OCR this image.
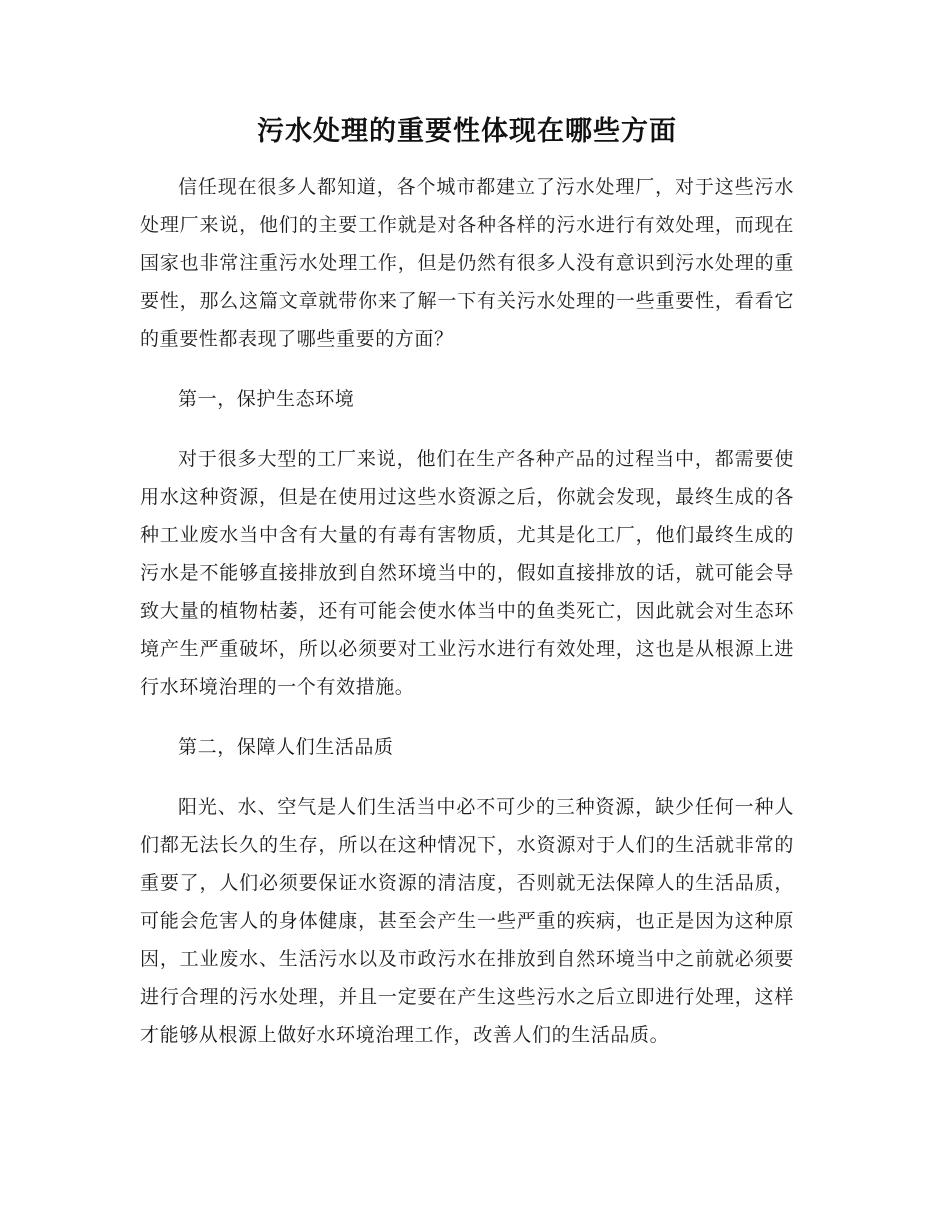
污水处理的重要性体现在哪些方面

信任现在很多人都知道，各个城市都建立了污水处理厂，对于这些污水处理厂来说，他们的主要工作就是对各种各样的污水进行有效处理，而现在国家也非常注重污水处理工作，但是仍然有很多人没有意识到污水处理的重要性，那么这篇文章就带你来了解一下有关污水处理的一些重要性，看看它的重要性都表现了哪些重要的方面？

第一，保护生态环境

对于很多大型的工厂来说，他们在生产各种产品的过程当中，都需要使用水这种资源，但是在使用过这些水资源之后，你就会发现，最终生成的各种工业废水当中含有大量的有毒有害物质，尤其是化工厂，他们最终生成的污水是不能够直接排放到自然环境当中的，假如直接排放的话，就可能会导致大量的植物枯萎，还有可能会使水体当中的鱼类死亡，因此就会对生态环境产生严重破坏，所以必须要对工业污水进行有效处理，这也是从根源上进行水环境治理的一个有效措施。

第二，保障人们生活品质

阳光、水、空气是人们生活当中必不可少的三种资源，缺少任何一种人们都无法长久的生存，所以在这种情况下，水资源对于人们的生活就非常的重要了，人们必须要保证水资源的清洁度，否则就无法保障人的生活品质，可能会危害人的身体健康，甚至会产生一些严重的疾病，也正是因为这种原因，工业废水、生活污水以及市政污水在排放到自然环境当中之前就必须要进行合理的污水处理，并且一定要在产生这些污水之后立即进行处理，这样才能够从根源上做好水环境治理工作，改善人们的生活品质。
